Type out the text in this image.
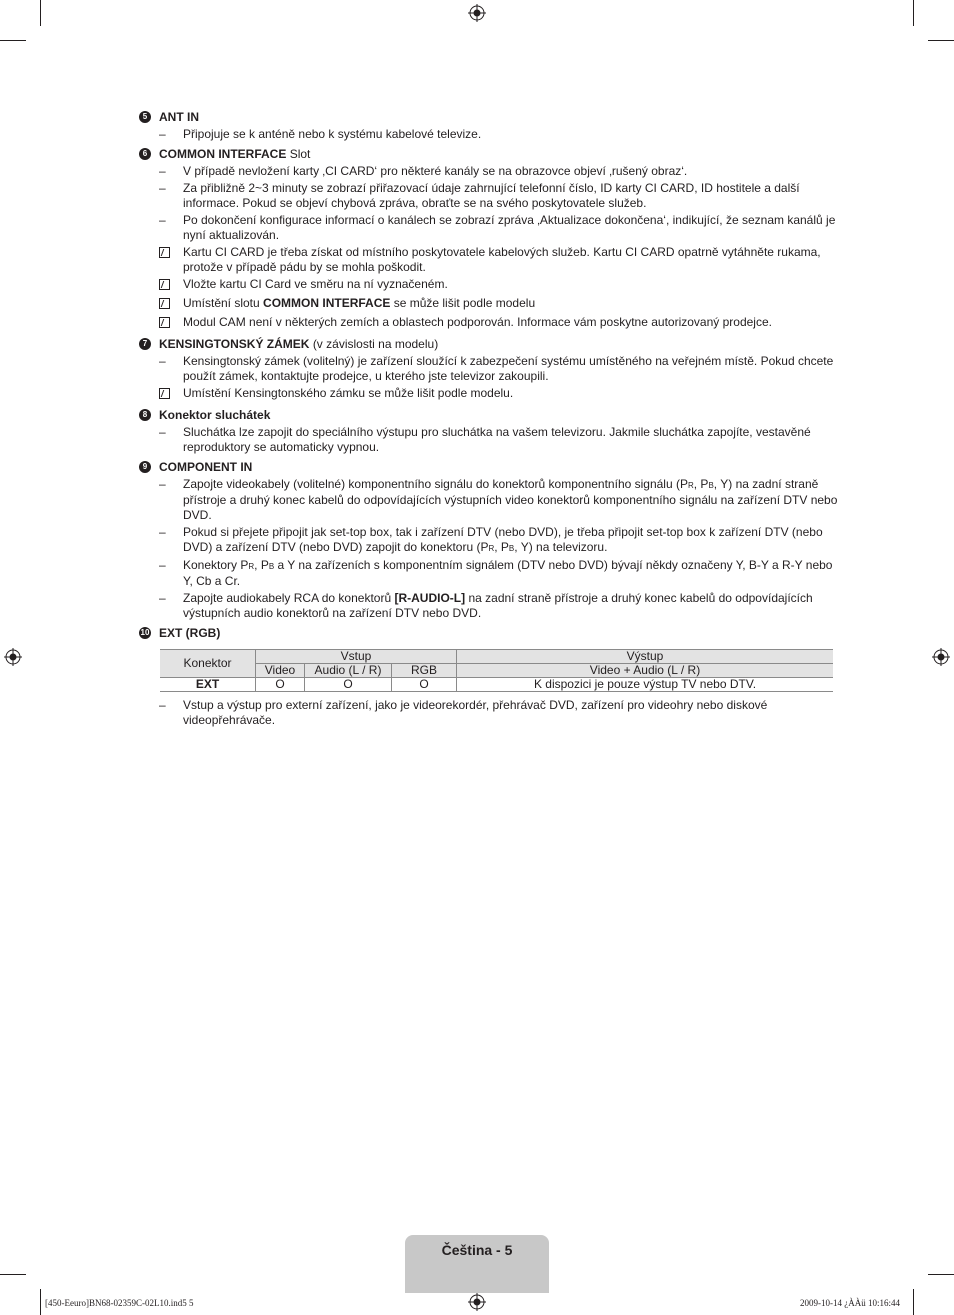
5 ANT IN
–	Připojuje se k anténě nebo k systému kabelové televize.
6 COMMON INTERFACE Slot
–	V případě nevložení karty ‚CI CARD‘ pro některé kanály se na obrazovce objeví ‚rušený obraz‘.
–	Za přibližně 2~3 minuty se zobrazí přiřazovací údaje zahrnující telefonní číslo, ID karty CI CARD, ID hostitele a další informace. Pokud se objeví chybová zpráva, obraťte se na svého poskytovatele služeb.
–	Po dokončení konfigurace informací o kanálech se zobrazí zpráva ‚Aktualizace dokončena‘, indikující, že seznam kanálů je nyní aktualizován.
Kartu CI CARD je třeba získat od místního poskytovatele kabelových služeb. Kartu CI CARD opatrně vytáhněte rukama, protože v případě pádu by se mohla poškodit.
Vložte kartu CI Card ve směru na ní vyznačeném.
Umístění slotu COMMON INTERFACE se může lišit podle modelu
Modul CAM není v některých zemích a oblastech podporován. Informace vám poskytne autorizovaný prodejce.
7 KENSINGTONSKÝ ZÁMEK (v závislosti na modelu)
–	Kensingtonský zámek (volitelný) je zařízení sloužící k zabezpečení systému umístěného na veřejném místě. Pokud chcete použít zámek, kontaktujte prodejce, u kterého jste televizor zakoupili.
Umístění Kensingtonského zámku se může lišit podle modelu.
8 Konektor sluchátek
–	Sluchátka lze zapojit do speciálního výstupu pro sluchátka na vašem televizoru. Jakmile sluchátka zapojíte, vestavěné reproduktory se automaticky vypnou.
9 COMPONENT IN
–	Zapojte videokabely (volitelné) komponentního signálu do konektorů komponentního signálu (PR, PB, Y) na zadní straně přístroje a druhý konec kabelů do odpovídajících výstupních video konektorů komponentního signálu na zařízení DTV nebo DVD.
–	Pokud si přejete připojit jak set-top box, tak i zařízení DTV (nebo DVD), je třeba připojit set-top box k zařízení DTV (nebo DVD) a zařízení DTV (nebo DVD) zapojit do konektoru (PR, PB, Y) na televizoru.
–	Konektory PR, PB a Y na zařízeních s komponentním signálem (DTV nebo DVD) bývají někdy označeny Y, B-Y a R-Y nebo Y, Cb a Cr.
–	Zapojte audiokabely RCA do konektorů [R-AUDIO-L] na zadní straně přístroje a druhý konec kabelů do odpovídajících výstupních audio konektorů na zařízení DTV nebo DVD.
10 EXT (RGB)
Konektor	Vstup			Výstup
	Video	Audio (L / R)	RGB	Video + Audio (L / R)
EXT	O	O	O	K dispozici je pouze výstup TV nebo DTV.
–	Vstup a výstup pro externí zařízení, jako je videorekordér, přehrávač DVD, zařízení pro videohry nebo diskové videopřehrávače.
Čeština - 5
[450-Eeuro]BN68-02359C-02L10.ind5 5	2009-10-14 ¿ÀÀü 10:16:44
